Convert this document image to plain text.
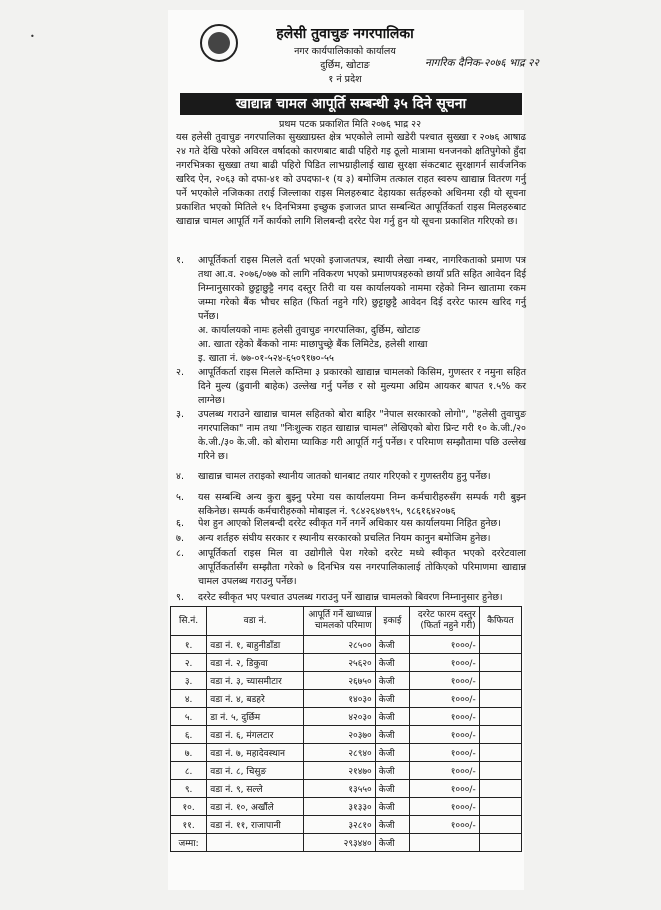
हलेसी तुवाचुङ नगरपालिका
नगर कार्यपालिकाको कार्यालय
दुर्छिम, खोटाङ
१ नं प्रदेश
नागरिक दैनिक-२०७६ भाद्र २२
खाद्यान्न चामल आपूर्ति सम्बन्धी ३५ दिने सूचना
प्रथम पटक प्रकाशित मिति २०७६ भाद्र २२
यस हलेसी तुवाचुङ नगरपालिका सुख्खाग्रस्त क्षेत्र भएकोले लामो खडेरी पश्चात सुख्खा र २०७६ आषाढ २४ गते देखि परेको अविरल वर्षादको कारणबाट बाढी पहिरो गइ ठूलो मात्रामा धनजनको क्षतिपुगेको हुँदा नगरभित्रका सुख्खा तथा बाढी पहिरो पिडित लाभग्राहीलाई खाद्य सुरक्षा संकटबाट सुरक्षागर्न सार्वजनिक खरिद ऐन, २०६३ को दफा-४१ को उपदफा-१ (य ३) बमोजिम तत्काल राहत स्वरुप खाद्यान्न वितरण गर्नु पर्ने भएकोले नजिकका तराई जिल्लाका राइस मिलहरुबाट देहायका सर्तहरुको अधिनमा रही यो सूचना प्रकाशित भएको मितिले १५ दिनभित्रमा इच्छुक इजाजत प्राप्त सम्बन्धित आपूर्तिकर्ता राइस मिलहरुबाट खाद्यान्न चामल आपूर्ति गर्ने कार्यको लागि शिलबन्दी दररेट पेश गर्नु हुन यो सूचना प्रकाशित गरिएको छ।
१.	आपूर्तिकर्ता राइस मिलले दर्ता भएको इजाजतपत्र, स्थायी लेखा नम्बर, नागरिकताको प्रमाण पत्र तथा आ.व. २०७६/०७७ को लागि नविकरण भएको प्रमाणपत्रहरुको छायाँ प्रति सहित आवेदन दिई निम्नानुसारको छुट्टाछुट्टै नगद दस्तुर तिरी वा यस कार्यालयको नाममा रहेको निम्न खातामा रकम जम्मा गरेको बैंक भौचर सहित (फिर्ता नहुने गरि) छुट्टाछुट्टै आवेदन दिई दररेट फारम खरिद गर्नु पर्नेछ।
अ. कार्यालयको नामः हलेसी तुवाचुङ नगरपालिका, दुर्छिम, खोटाङ
आ. खाता रहेको बैंकको नामः माछापुच्छ्रे बैंक लिमिटेड, हलेसी शाखा
इ. खाता नं. ७७-०१-५२४-६५०९१७०-५५
२.	आपूर्तिकर्ता राइस मिलले कम्तिमा ३ प्रकारको खाद्यान्न चामलको किसिम, गुणस्तर र नमुना सहित दिने मुल्य (ढुवानी बाहेक) उल्लेख गर्नु पर्नेछ र सो मुल्यमा अग्रिम आयकर बापत १.५% कर लाग्नेछ।
३.	उपलब्ध गराउने खाद्यान्न चामल सहितको बोरा बाहिर "नेपाल सरकारको लोगो", "हलेसी तुवाचुङ नगरपालिका" नाम तथा "निःशुल्क राहत खाद्यान्न चामल" लेखिएको बोरा प्रिन्ट गरी १० के.जी./२० के.जी./३० के.जी. को बोरामा प्याकिङ गरी आपूर्ति गर्नु पर्नेछ। र परिमाण सम्झौतामा पछि उल्लेख गरिने छ।
४.	खाद्यान्न चामल तराइको स्थानीय जातको धानबाट तयार गरिएको र गुणस्तरीय हुनु पर्नेछ।
५.	यस सम्बन्धि अन्य कुरा बुझ्नु परेमा यस कार्यालयमा निम्न कर्मचारीहरुसँग सम्पर्क गरी बुझ्न सकिनेछ। सम्पर्क कर्मचारीहरुको मोबाइल नं. ९८४२६४७९९५, ९८६१६४२०७६
६.	पेश हुन आएको शिलबन्दी दररेट स्वीकृत गर्ने नगर्ने अधिकार यस कार्यालयमा निहित हुनेछ।
७.	अन्य शर्तहरु संघीय सरकार र स्थानीय सरकारको प्रचलित नियम कानुन बमोजिम हुनेछ।
८.	आपूर्तिकर्ता राइस मिल वा उद्योगीले पेश गरेको दररेट मध्ये स्वीकृत भएको दररेटवाला आपूर्तिकर्तासँग सम्झौता गरेको ७ दिनभित्र यस नगरपालिकालाई तोकिएको परिमाणमा खाद्यान्न चामल उपलब्ध गराउनु पर्नेछ।
९.	दररेट स्वीकृत भए पश्चात उपलब्ध गराउनु पर्ने खाद्यान्न चामलको बिवरण निम्नानुसार हुनेछ।
सि.नं.	वडा नं.	आपूर्ति गर्ने खाध्यान्न चामलको परिमाण	इकाई	दररेट फारम दस्तुर (फिर्ता नहुने गरी)	कैफियत
१.	वडा नं. १, बाहुनीडाँडा	२८५००	केजी	१०००/-	
२.	वडा नं. २, डिकुवा	२५६२०	केजी	१०००/-	
३.	वडा नं. ३, च्यासमीटार	२६७५०	केजी	१०००/-	
४.	वडा नं. ४, बडहरे	१४०३०	केजी	१०००/-	
५.	डा नं. ५, दुर्छिम	४२०३०	केजी	१०००/-	
६.	वडा नं. ६, मंगलटार	२०३७०	केजी	१०००/-	
७.	वडा नं. ७, महादेवस्थान	२८९४०	केजी	१०००/-	
८.	वडा नं. ८, चिसुङ	२१४७०	केजी	१०००/-	
९.	वडा नं. ९, सल्ले	१३५५०	केजी	१०००/-	
१०.	वडा नं. १०, अर्खौले	३१३३०	केजी	१०००/-	
११.	वडा नं. ११, राजापानी	३२८१०	केजी	१०००/-	
जम्मा:		२९३४४०	केजी		
•
